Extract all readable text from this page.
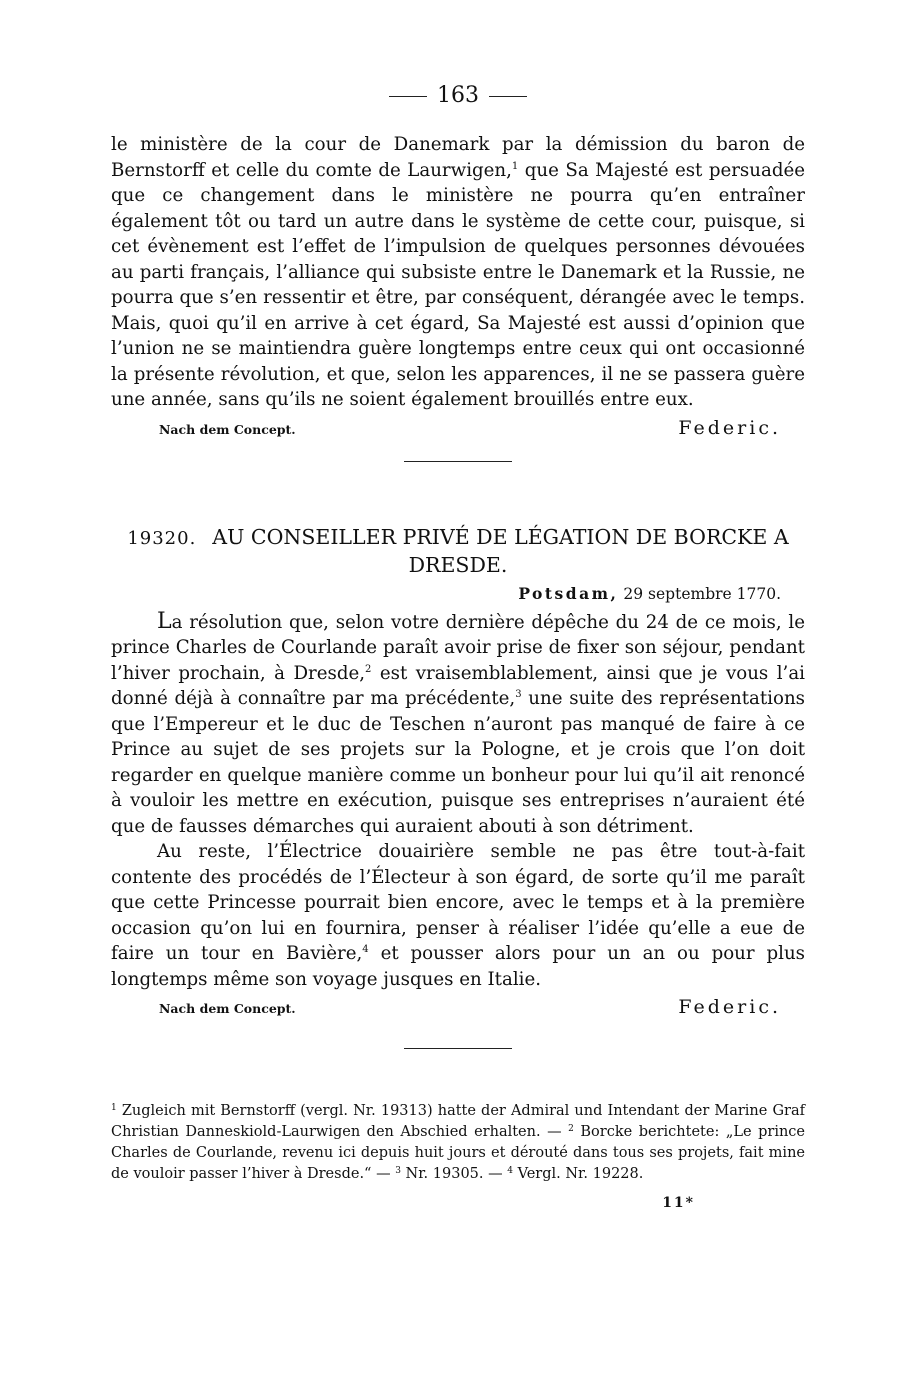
163

le ministère de la cour de Danemark par la démission du baron de Bernstorff et celle du comte de Laurwigen,$^1$ que Sa Majesté est persuadée que ce changement dans le ministère ne pourra qu’en entraîner également tôt ou tard un autre dans le système de cette cour, puisque, si cet évènement est l’effet de l’impulsion de quelques personnes dévouées au parti français, l’alliance qui subsiste entre le Danemark et la Russie, ne pourra que s’en ressentir et être, par conséquent, dérangée avec le temps. Mais, quoi qu’il en arrive à cet égard, Sa Majesté est aussi d’opinion que l’union ne se maintiendra guère longtemps entre ceux qui ont occasionné la présente révolution, et que, selon les apparences, il ne se passera guère une année, sans qu’ils ne soient également brouillés entre eux.

Nach dem Concept.	Federic.

19320. AU CONSEILLER PRIVÉ DE LÉGATION DE BORCKE A DRESDE.

Potsdam, 29 septembre 1770.

La résolution que, selon votre dernière dépêche du 24 de ce mois, le prince Charles de Courlande paraît avoir prise de fixer son séjour, pendant l’hiver prochain, à Dresde,$^2$ est vraisemblablement, ainsi que je vous l’ai donné déjà à connaître par ma précédente,$^3$ une suite des représentations que l’Empereur et le duc de Teschen n’auront pas manqué de faire à ce Prince au sujet de ses projets sur la Pologne, et je crois que l’on doit regarder en quelque manière comme un bonheur pour lui qu’il ait renoncé à vouloir les mettre en exécution, puisque ses entreprises n’auraient été que de fausses démarches qui auraient abouti à son détriment.

Au reste, l’Électrice douairière semble ne pas être tout-à-fait contente des procédés de l’Électeur à son égard, de sorte qu’il me paraît que cette Princesse pourrait bien encore, avec le temps et à la première occasion qu’on lui en fournira, penser à réaliser l’idée qu’elle a eue de faire un tour en Bavière,$^4$ et pousser alors pour un an ou pour plus longtemps même son voyage jusques en Italie.

Nach dem Concept.	Federic.

$^1$ Zugleich mit Bernstorff (vergl. Nr. 19313) hatte der Admiral und Intendant der Marine Graf Christian Danneskiold-Laurwigen den Abschied erhalten. — $^2$ Borcke berichtete: „Le prince Charles de Courlande, revenu ici depuis huit jours et dérouté dans tous ses projets, fait mine de vouloir passer l’hiver à Dresde.“ — $^3$ Nr. 19305. — $^4$ Vergl. Nr. 19228.

11*
